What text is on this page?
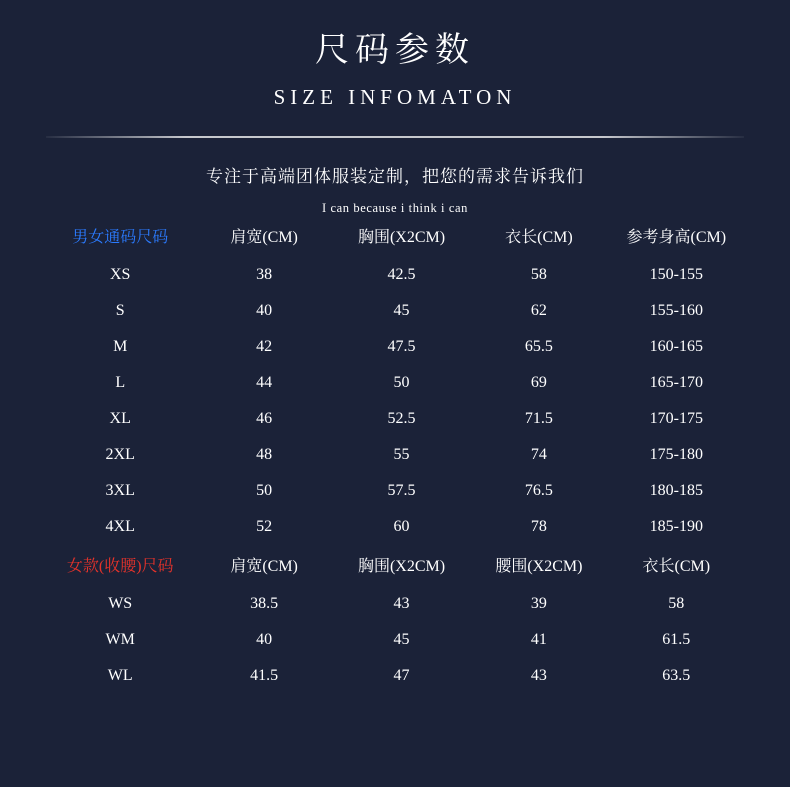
尺码参数
SIZE INFOMATON
专注于高端团体服装定制，把您的需求告诉我们
I can because i think i can
男女通码尺码	肩宽(CM)	胸围(X2CM)	衣长(CM)	参考身高(CM)
XS	38	42.5	58	150-155
S	40	45	62	155-160
M	42	47.5	65.5	160-165
L	44	50	69	165-170
XL	46	52.5	71.5	170-175
2XL	48	55	74	175-180
3XL	50	57.5	76.5	180-185
4XL	52	60	78	185-190
女款(收腰)尺码	肩宽(CM)	胸围(X2CM)	腰围(X2CM)	衣长(CM)
WS	38.5	43	39	58
WM	40	45	41	61.5
WL	41.5	47	43	63.5
